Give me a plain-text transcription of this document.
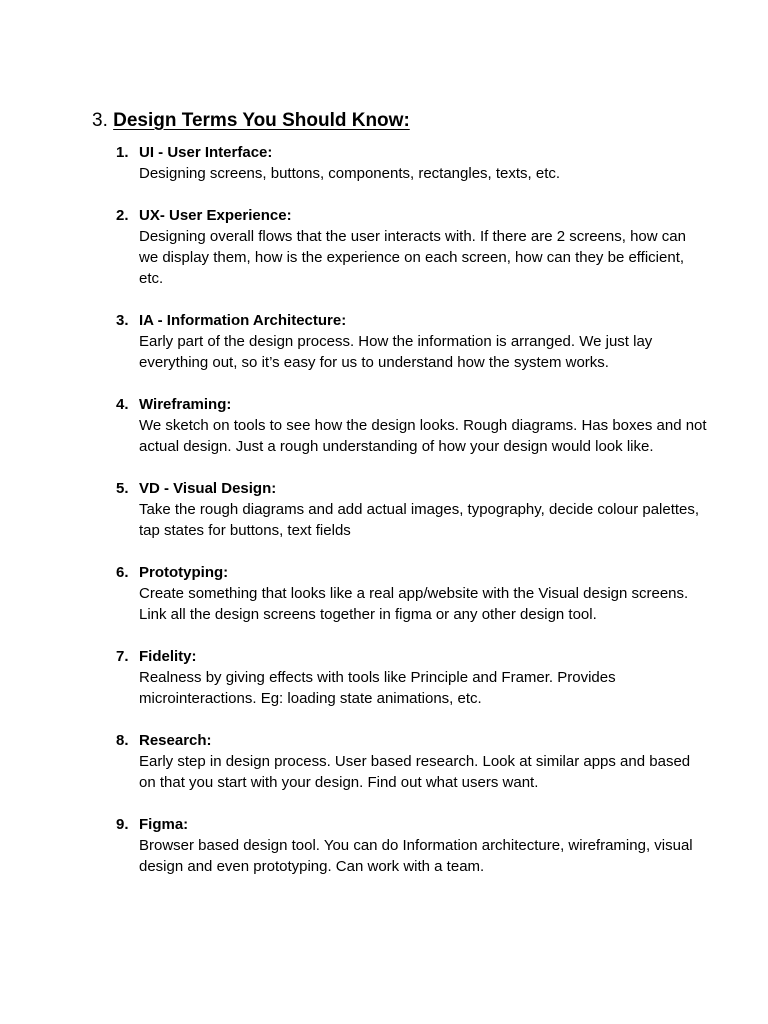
3. Design Terms You Should Know:
1. UI - User Interface:
Designing screens, buttons, components, rectangles, texts, etc.
2. UX- User Experience:
Designing overall flows that the user interacts with. If there are 2 screens, how can we display them, how is the experience on each screen, how can they be efficient, etc.
3. IA - Information Architecture:
Early part of the design process. How the information is arranged. We just lay everything out, so it’s easy for us to understand how the system works.
4. Wireframing:
We sketch on tools to see how the design looks. Rough diagrams. Has boxes and not actual design. Just a rough understanding of how your design would look like.
5. VD - Visual Design:
Take the rough diagrams and add actual images, typography, decide colour palettes, tap states for buttons, text fields
6. Prototyping:
Create something that looks like a real app/website with the Visual design screens. Link all the design screens together in figma or any other design tool.
7. Fidelity:
Realness by giving effects with tools like Principle and Framer. Provides microinteractions. Eg: loading state animations, etc.
8. Research:
Early step in design process. User based research. Look at similar apps and based on that you start with your design. Find out what users want.
9. Figma:
Browser based design tool. You can do Information architecture, wireframing, visual design and even prototyping. Can work with a team.
